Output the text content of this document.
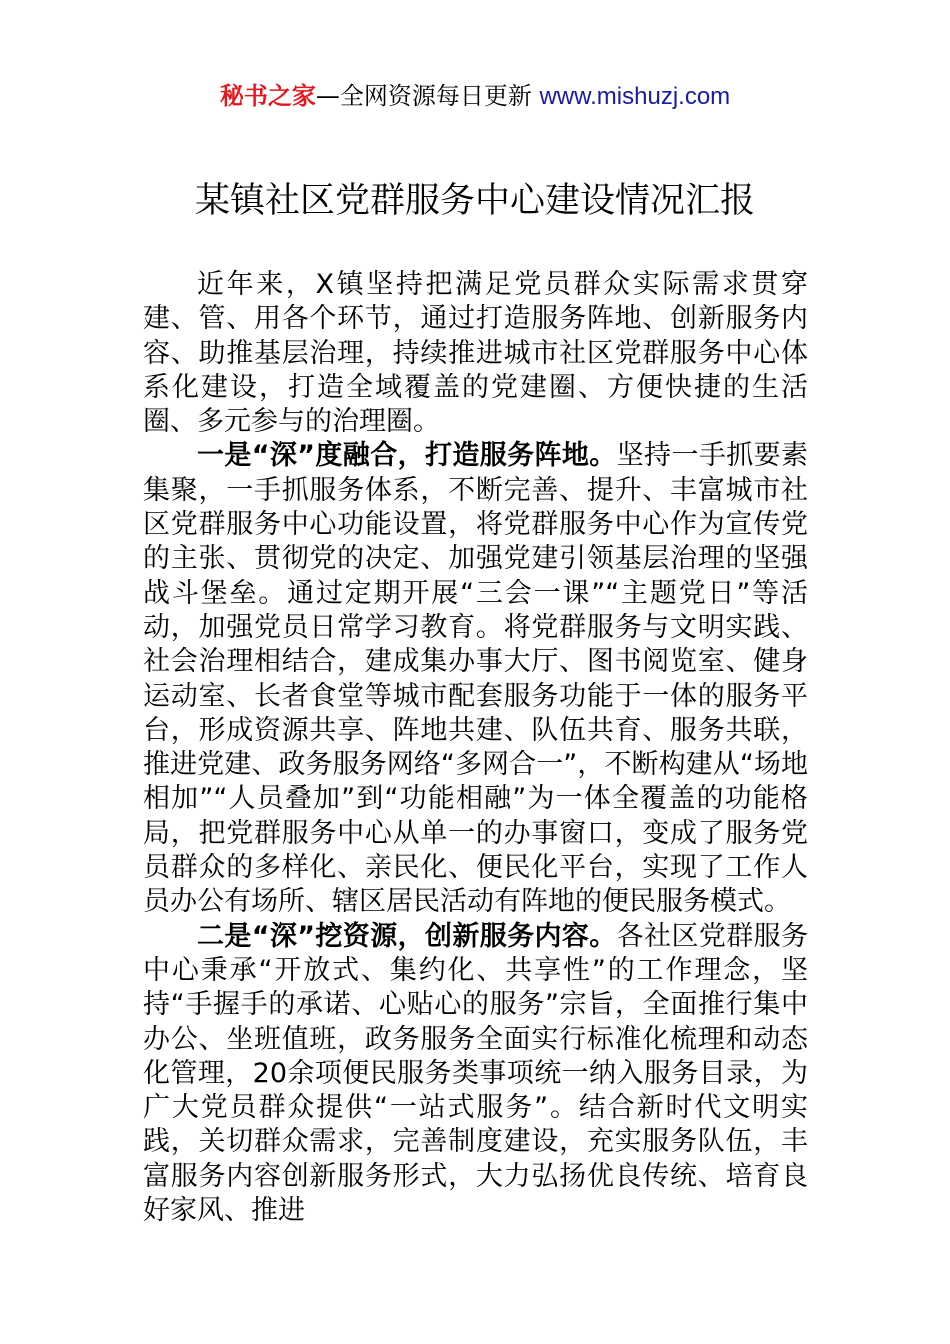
秘书之家—全网资源每日更新 www.mishuzj.com
某镇社区党群服务中心建设情况汇报

近年来，X镇坚持把满足党员群众实际需求贯穿建、管、用各个环节，通过打造服务阵地、创新服务内容、助推基层治理，持续推进城市社区党群服务中心体系化建设，打造全域覆盖的党建圈、方便快捷的生活圈、多元参与的治理圈。

一是“深”度融合，打造服务阵地。坚持一手抓要素集聚，一手抓服务体系，不断完善、提升、丰富城市社区党群服务中心功能设置，将党群服务中心作为宣传党的主张、贯彻党的决定、加强党建引领基层治理的坚强战斗堡垒。通过定期开展“三会一课”“主题党日”等活动，加强党员日常学习教育。将党群服务与文明实践、社会治理相结合，建成集办事大厅、图书阅览室、健身运动室、长者食堂等城市配套服务功能于一体的服务平台，形成资源共享、阵地共建、队伍共育、服务共联，推进党建、政务服务网络“多网合一”，不断构建从“场地相加”“人员叠加”到“功能相融”为一体全覆盖的功能格局，把党群服务中心从单一的办事窗口，变成了服务党员群众的多样化、亲民化、便民化平台，实现了工作人员办公有场所、辖区居民活动有阵地的便民服务模式。

二是“深”挖资源，创新服务内容。各社区党群服务中心秉承“开放式、集约化、共享性”的工作理念，坚持“手握手的承诺、心贴心的服务”宗旨，全面推行集中办公、坐班值班，政务服务全面实行标准化梳理和动态化管理，20余项便民服务类事项统一纳入服务目录，为广大党员群众提供“一站式服务”。结合新时代文明实践，关切群众需求，完善制度建设，充实服务队伍，丰富服务内容创新服务形式，大力弘扬优良传统、培育良好家风、推进
